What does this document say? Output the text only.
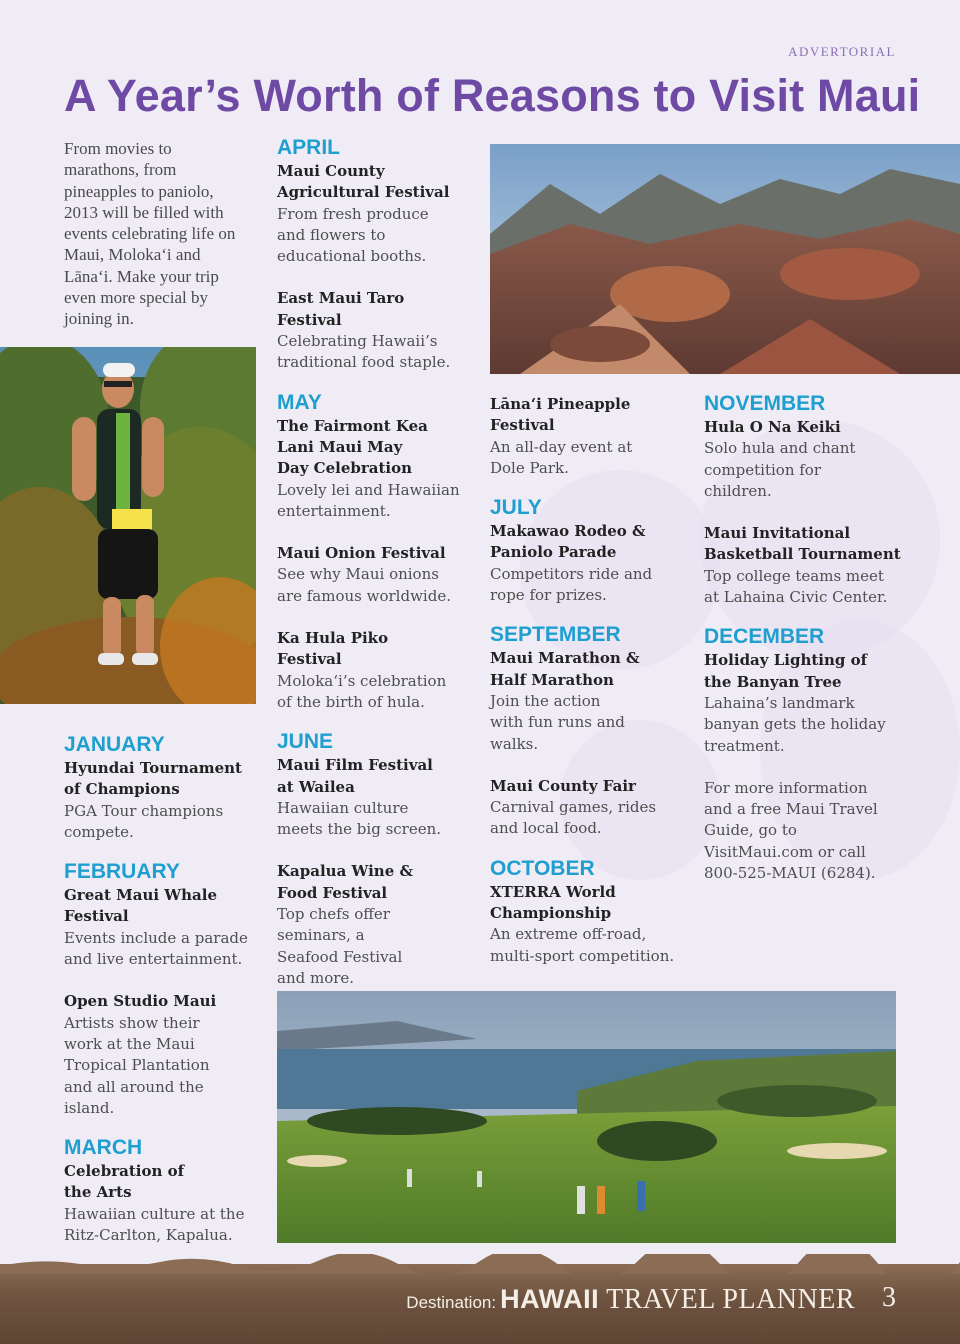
ADVERTORIAL
A Year’s Worth of Reasons to Visit Maui
From movies to marathons, from pineapples to paniolo, 2013 will be filled with events celebrating life on Maui, Moloka‘i and Lāna‘i. Make your trip even more special by joining in.
JANUARY
Hyundai Tournament of Champions
PGA Tour champions compete.
FEBRUARY
Great Maui Whale Festival
Events include a parade and live entertainment.
Open Studio Maui
Artists show their work at the Maui Tropical Plantation and all around the island.
MARCH
Celebration of the Arts
Hawaiian culture at the Ritz-Carlton, Kapalua.
APRIL
Maui County Agricultural Festival
From fresh produce and flowers to educational booths.
East Maui Taro Festival
Celebrating Hawaii’s traditional food staple.
MAY
The Fairmont Kea Lani Maui May Day Celebration
Lovely lei and Hawaiian entertainment.
Maui Onion Festival
See why Maui onions are famous worldwide.
Ka Hula Piko Festival
Moloka‘i’s celebration of the birth of hula.
JUNE
Maui Film Festival at Wailea
Hawaiian culture meets the big screen.
Kapalua Wine & Food Festival
Top chefs offer seminars, a Seafood Festival and more.
Lāna‘i Pineapple Festival
An all-day event at Dole Park.
JULY
Makawao Rodeo & Paniolo Parade
Competitors ride and rope for prizes.
SEPTEMBER
Maui Marathon & Half Marathon
Join the action with fun runs and walks.
Maui County Fair
Carnival games, rides and local food.
OCTOBER
XTERRA World Championship
An extreme off-road, multi-sport competition.
NOVEMBER
Hula O Na Keiki
Solo hula and chant competition for children.
Maui Invitational Basketball Tournament
Top college teams meet at Lahaina Civic Center.
DECEMBER
Holiday Lighting of the Banyan Tree
Lahaina’s landmark banyan gets the holiday treatment.
For more information and a free Maui Travel Guide, go to VisitMaui.com or call 800-525-MAUI (6284).
Destination: HAWAII TRAVEL PLANNER 3
